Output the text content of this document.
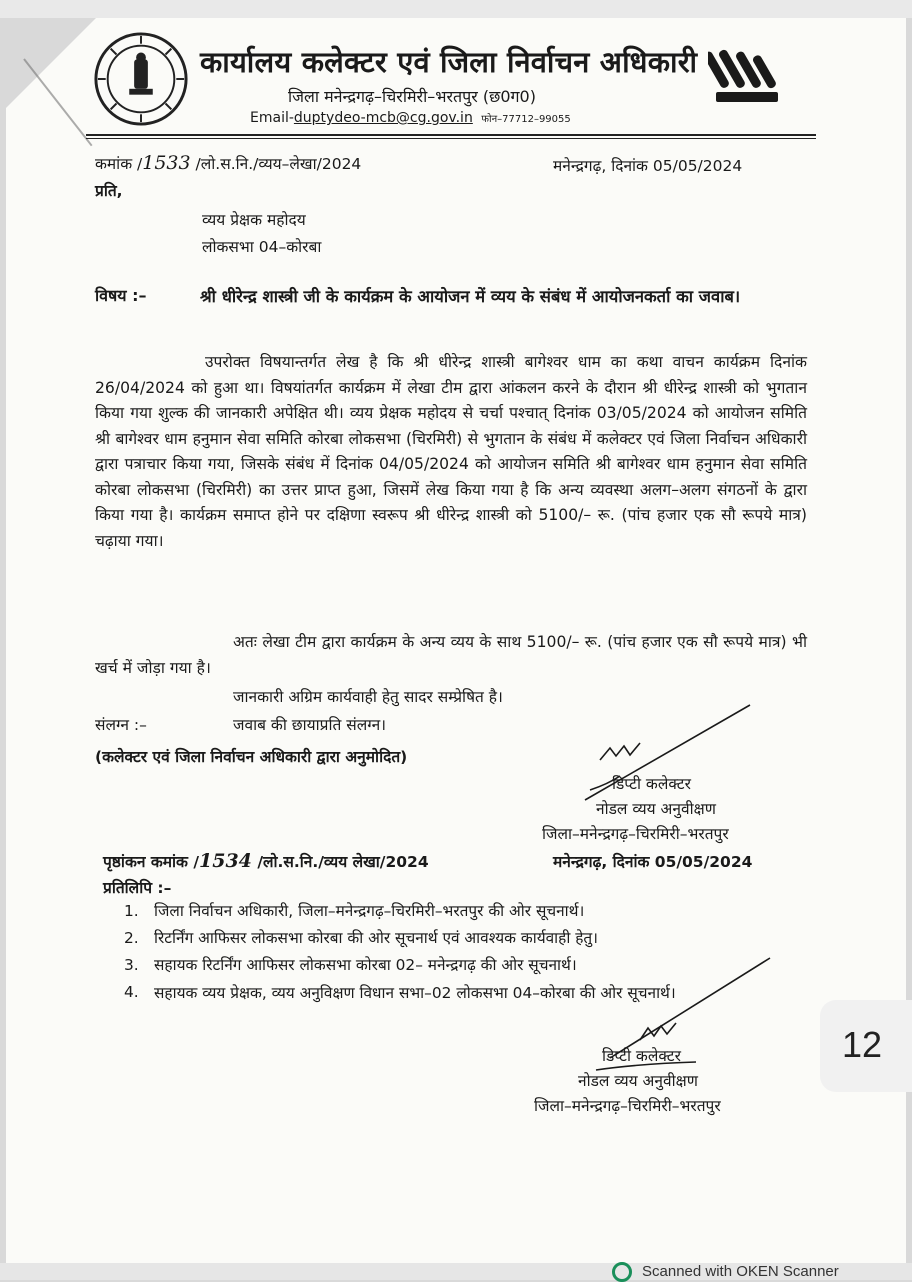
कार्यालय कलेक्टर एवं जिला निर्वाचन अधिकारी
जिला मनेन्द्रगढ़–चिरमिरी–भरतपुर (छ0ग0)
Email-duptydeo-mcb@cg.gov.in फोन–77712–99055
कमांक /1533 /लो.स.नि./व्यय–लेखा/2024	मनेन्द्रगढ़, दिनांक 05/05/2024
प्रति,
व्यय प्रेक्षक महोदय
लोकसभा 04–कोरबा
विषय :–	श्री धीरेन्द्र शास्त्री जी के कार्यक्रम के आयोजन में व्यय के संबंध में आयोजनकर्ता का जवाब।
उपरोक्त विषयान्तर्गत लेख है कि श्री धीरेन्द्र शास्त्री बागेश्वर धाम का कथा वाचन कार्यक्रम दिनांक 26/04/2024 को हुआ था। विषयांतर्गत कार्यक्रम में लेखा टीम द्वारा आंकलन करने के दौरान श्री धीरेन्द्र शास्त्री को भुगतान किया गया शुल्क की जानकारी अपेक्षित थी। व्यय प्रेक्षक महोदय से चर्चा पश्चात् दिनांक 03/05/2024 को आयोजन समिति श्री बागेश्वर धाम हनुमान सेवा समिति कोरबा लोकसभा (चिरमिरी) से भुगतान के संबंध में कलेक्टर एवं जिला निर्वाचन अधिकारी द्वारा पत्राचार किया गया, जिसके संबंध में दिनांक 04/05/2024 को आयोजन समिति श्री बागेश्वर धाम हनुमान सेवा समिति कोरबा लोकसभा (चिरमिरी) का उत्तर प्राप्त हुआ, जिसमें लेख किया गया है कि अन्य व्यवस्था अलग–अलग संगठनों के द्वारा किया गया है। कार्यक्रम समाप्त होने पर दक्षिणा स्वरूप श्री धीरेन्द्र शास्त्री को 5100/– रू. (पांच हजार एक सौ रूपये मात्र) चढ़ाया गया।
अतः लेखा टीम द्वारा कार्यक्रम के अन्य व्यय के साथ 5100/– रू. (पांच हजार एक सौ रूपये मात्र) भी खर्च में जोड़ा गया है।
जानकारी अग्रिम कार्यवाही हेतु सादर सम्प्रेषित है।
संलग्न :–	जवाब की छायाप्रति संलग्न।
(कलेक्टर एवं जिला निर्वाचन अधिकारी द्वारा अनुमोदित)
डिप्टी कलेक्टर
नोडल व्यय अनुवीक्षण
जिला–मनेन्द्रगढ़–चिरमिरी–भरतपुर
पृष्ठांकन कमांक /1534 /लो.स.नि./व्यय लेखा/2024	मनेन्द्रगढ़, दिनांक 05/05/2024
प्रतिलिपि :–
1. जिला निर्वाचन अधिकारी, जिला–मनेन्द्रगढ़–चिरमिरी–भरतपुर की ओर सूचनार्थ।
2. रिटर्निंग आफिसर लोकसभा कोरबा की ओर सूचनार्थ एवं आवश्यक कार्यवाही हेतु।
3. सहायक रिटर्निंग आफिसर लोकसभा कोरबा 02– मनेन्द्रगढ़ की ओर सूचनार्थ।
4. सहायक व्यय प्रेक्षक, व्यय अनुविक्षण विधान सभा–02 लोकसभा 04–कोरबा की ओर सूचनार्थ।
डिप्टी कलेक्टर
नोडल व्यय अनुवीक्षण
जिला–मनेन्द्रगढ़–चिरमिरी–भरतपुर
12
Scanned with OKEN Scanner
